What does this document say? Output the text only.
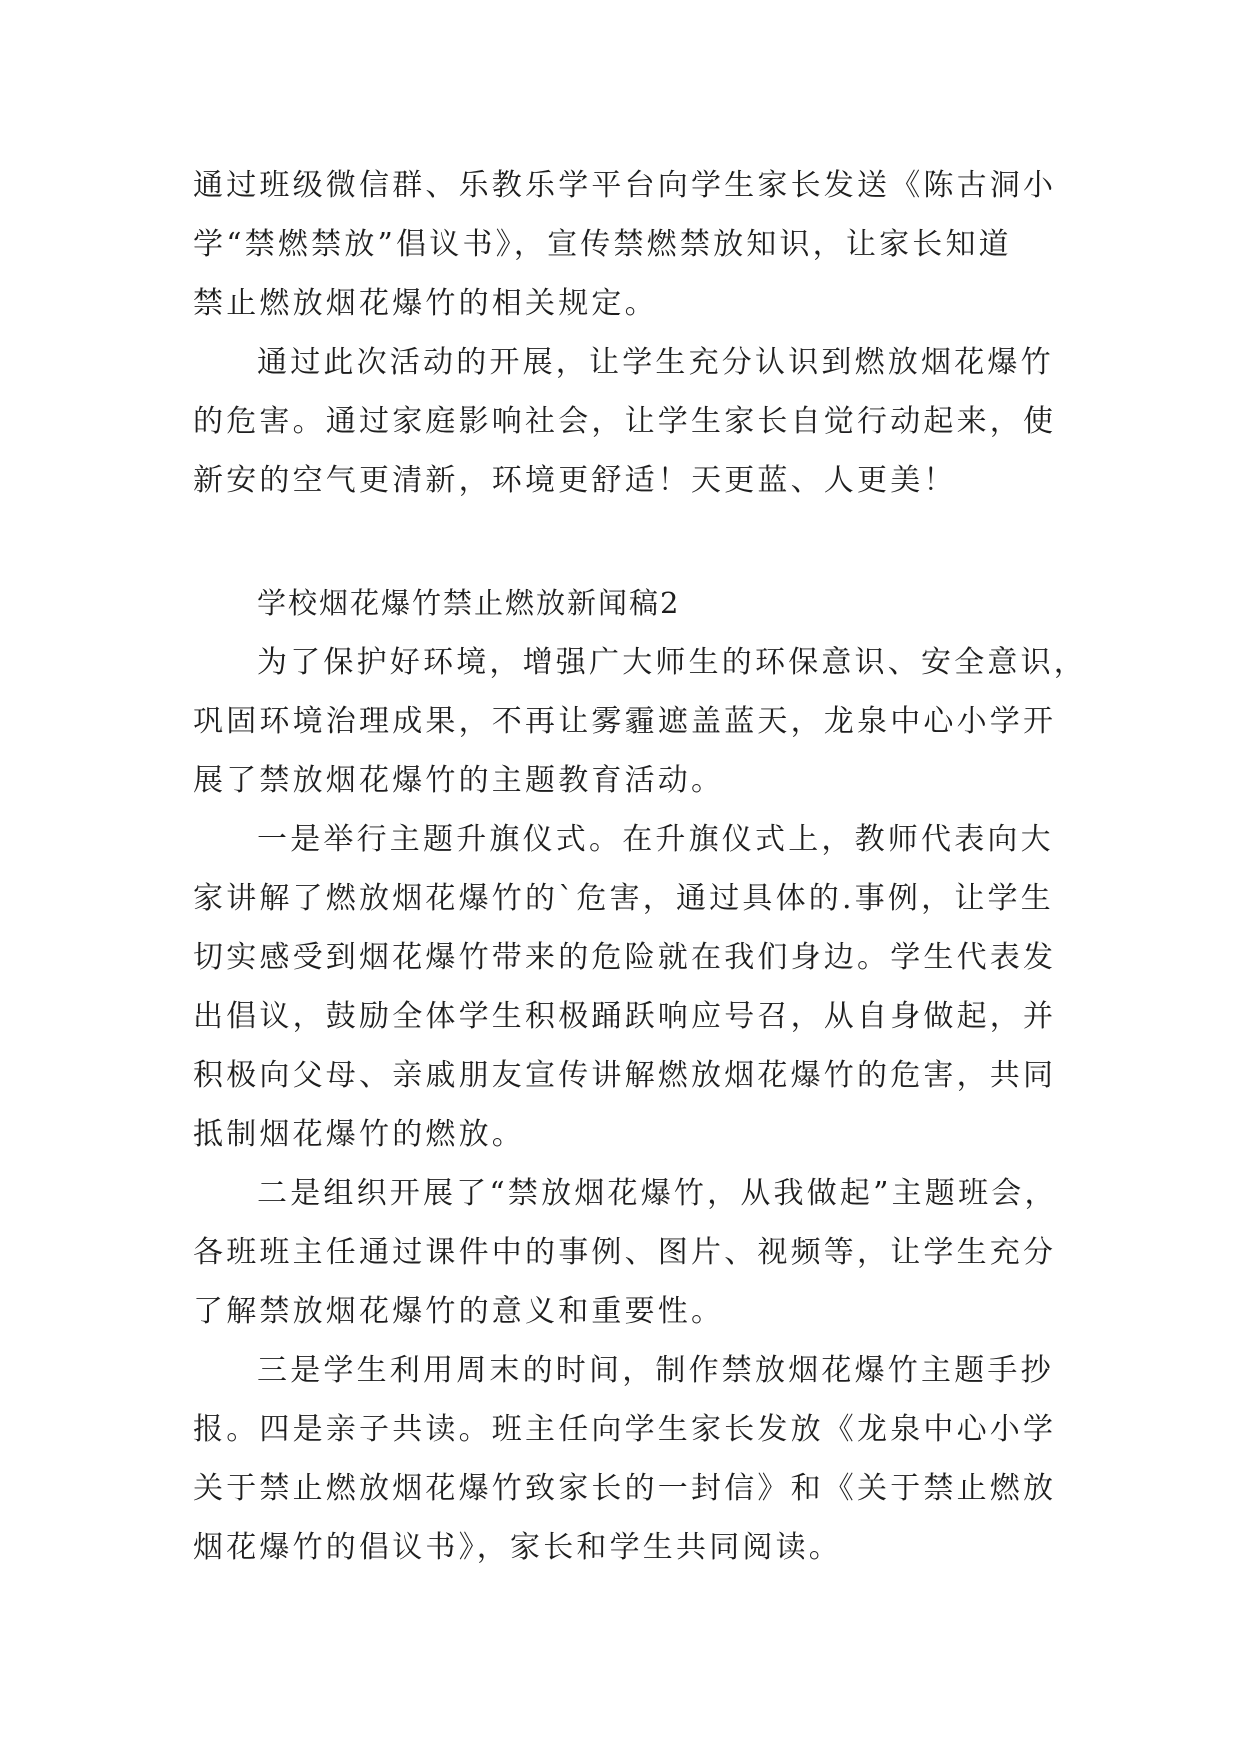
通过班级微信群、乐教乐学平台向学生家长发送《陈古洞小
学“禁燃禁放”倡议书》，宣传禁燃禁放知识，让家长知道
禁止燃放烟花爆竹的相关规定。
通过此次活动的开展，让学生充分认识到燃放烟花爆竹
的危害。通过家庭影响社会，让学生家长自觉行动起来，使
新安的空气更清新，环境更舒适！天更蓝、人更美！
学校烟花爆竹禁止燃放新闻稿2
为了保护好环境，增强广大师生的环保意识、安全意识，
巩固环境治理成果，不再让雾霾遮盖蓝天，龙泉中心小学开
展了禁放烟花爆竹的主题教育活动。
一是举行主题升旗仪式。在升旗仪式上，教师代表向大
家讲解了燃放烟花爆竹的`危害，通过具体的.事例，让学生
切实感受到烟花爆竹带来的危险就在我们身边。学生代表发
出倡议，鼓励全体学生积极踊跃响应号召，从自身做起，并
积极向父母、亲戚朋友宣传讲解燃放烟花爆竹的危害，共同
抵制烟花爆竹的燃放。
二是组织开展了“禁放烟花爆竹，从我做起”主题班会，
各班班主任通过课件中的事例、图片、视频等，让学生充分
了解禁放烟花爆竹的意义和重要性。
三是学生利用周末的时间，制作禁放烟花爆竹主题手抄
报。四是亲子共读。班主任向学生家长发放《龙泉中心小学
关于禁止燃放烟花爆竹致家长的一封信》和《关于禁止燃放
烟花爆竹的倡议书》，家长和学生共同阅读。
